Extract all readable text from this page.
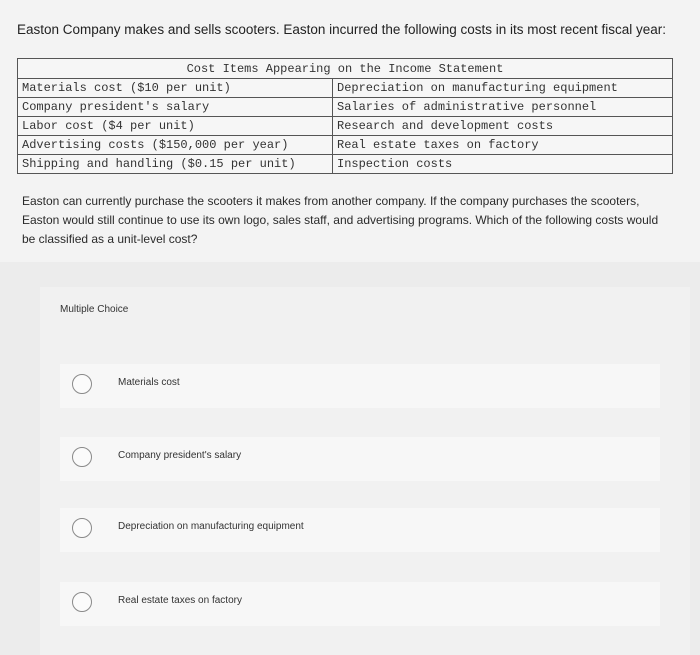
Easton Company makes and sells scooters. Easton incurred the following costs in its most recent fiscal year:
Cost Items Appearing on the Income Statement	
Materials cost ($10 per unit)	Depreciation on manufacturing equipment
Company president's salary	Salaries of administrative personnel
Labor cost ($4 per unit)	Research and development costs
Advertising costs ($150,000 per year)	Real estate taxes on factory
Shipping and handling ($0.15 per unit)	Inspection costs
Easton can currently purchase the scooters it makes from another company. If the company purchases the scooters, Easton would still continue to use its own logo, sales staff, and advertising programs. Which of the following costs would be classified as a unit-level cost?
Multiple Choice
Materials cost
Company president's salary
Depreciation on manufacturing equipment
Real estate taxes on factory
